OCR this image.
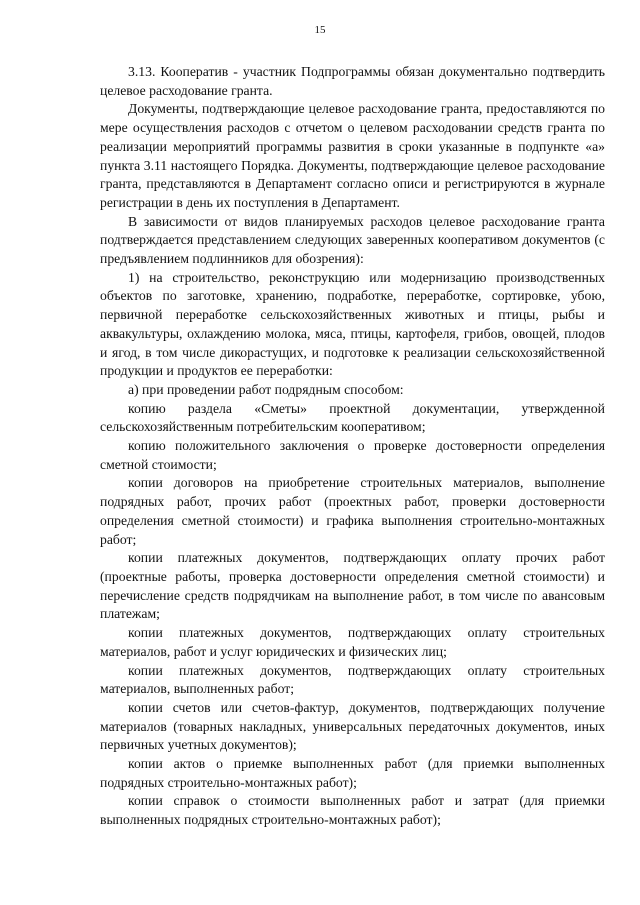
15

3.13. Кооператив - участник Подпрограммы обязан документально подтвердить целевое расходование гранта.

Документы, подтверждающие целевое расходование гранта, предоставляются по мере осуществления расходов с отчетом о целевом расходовании средств гранта по реализации мероприятий программы развития в сроки указанные в подпункте «а» пункта 3.11 настоящего Порядка. Документы, подтверждающие целевое расходование гранта, представляются в Департамент согласно описи и регистрируются в журнале регистрации в день их поступления в Департамент.

В зависимости от видов планируемых расходов целевое расходование гранта подтверждается представлением следующих заверенных кооперативом документов (с предъявлением подлинников для обозрения):

1) на строительство, реконструкцию или модернизацию производственных объектов по заготовке, хранению, подработке, переработке, сортировке, убою, первичной переработке сельскохозяйственных животных и птицы, рыбы и аквакультуры, охлаждению молока, мяса, птицы, картофеля, грибов, овощей, плодов и ягод, в том числе дикорастущих, и подготовке к реализации сельскохозяйственной продукции и продуктов ее переработки:

а) при проведении работ подрядным способом:

копию раздела «Сметы» проектной документации, утвержденной сельскохозяйственным потребительским кооперативом;

копию положительного заключения о проверке достоверности определения сметной стоимости;

копии договоров на приобретение строительных материалов, выполнение подрядных работ, прочих работ (проектных работ, проверки достоверности определения сметной стоимости) и графика выполнения строительно-монтажных работ;

копии платежных документов, подтверждающих оплату прочих работ (проектные работы, проверка достоверности определения сметной стоимости) и перечисление средств подрядчикам на выполнение работ, в том числе по авансовым платежам;

копии платежных документов, подтверждающих оплату строительных материалов, работ и услуг юридических и физических лиц;

копии платежных документов, подтверждающих оплату строительных материалов, выполненных работ;

копии счетов или счетов-фактур, документов, подтверждающих получение материалов (товарных накладных, универсальных передаточных документов, иных первичных учетных документов);

копии актов о приемке выполненных работ (для приемки выполненных подрядных строительно-монтажных работ);

копии справок о стоимости выполненных работ и затрат (для приемки выполненных подрядных строительно-монтажных работ);
